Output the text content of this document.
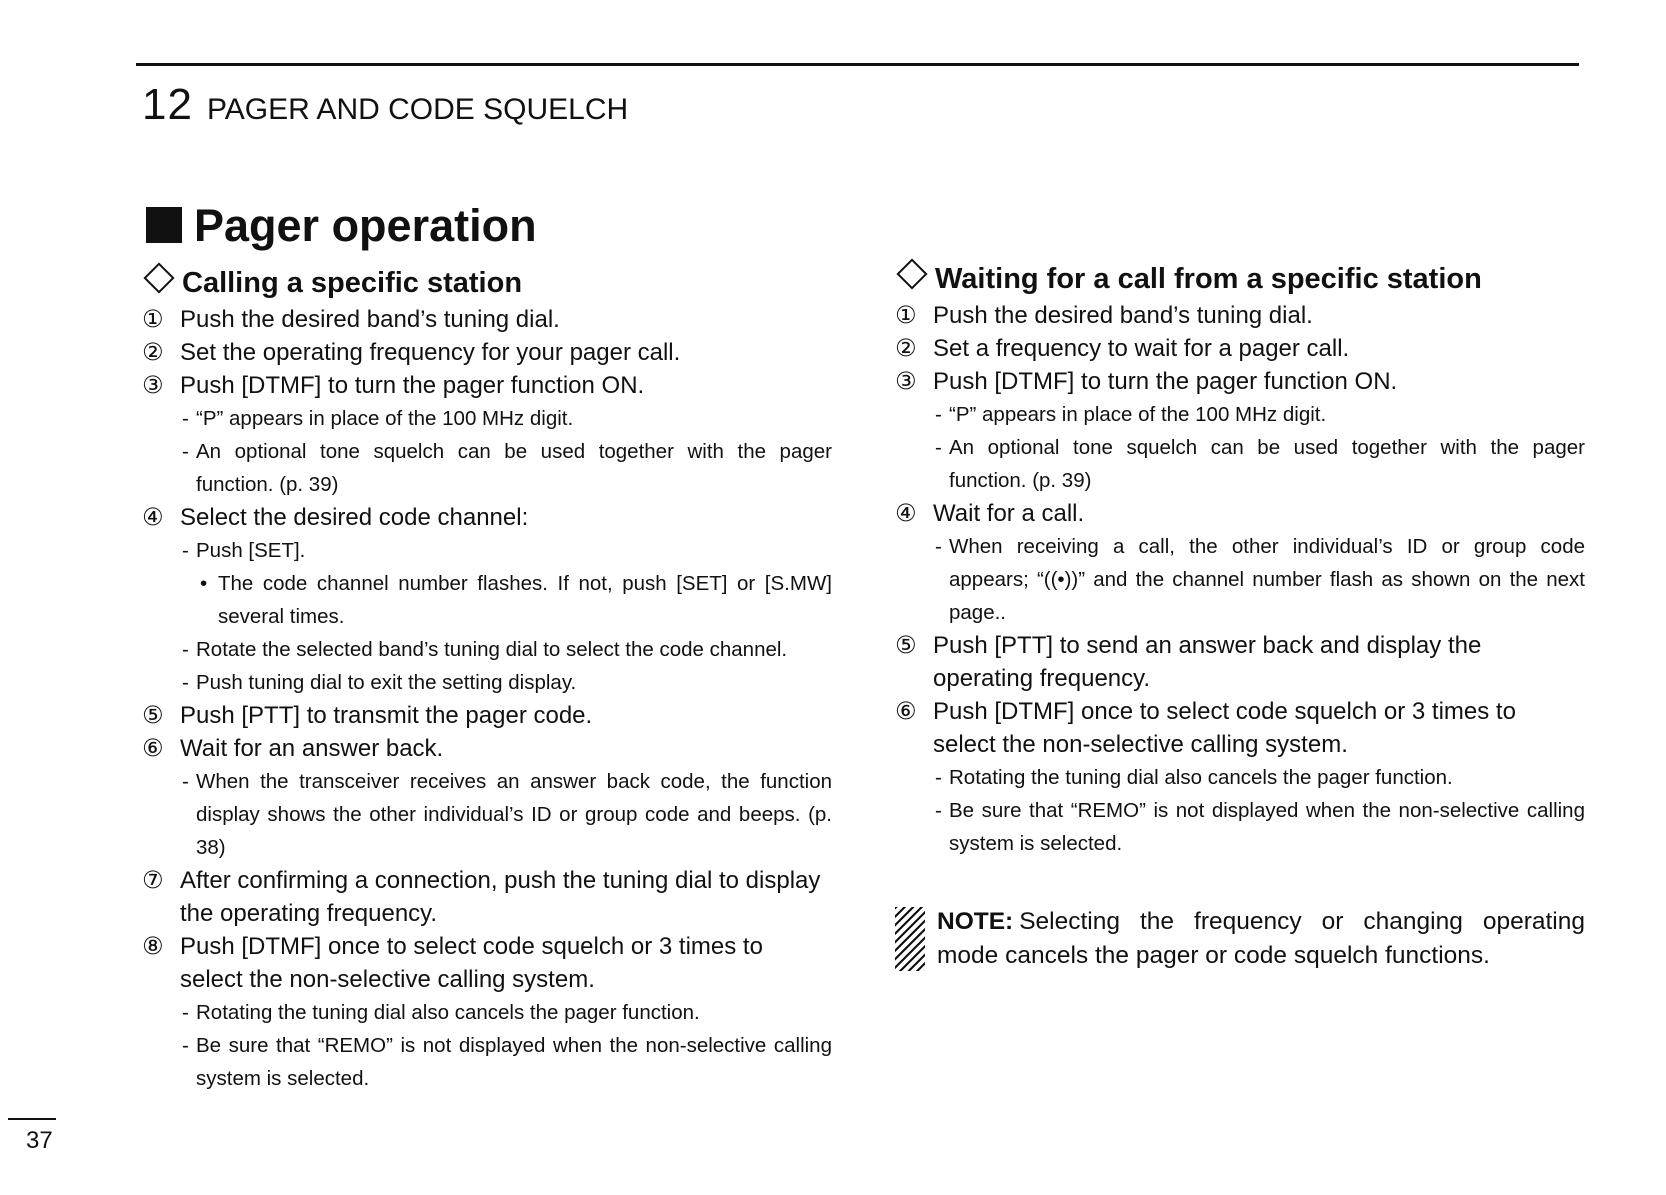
12 PAGER AND CODE SQUELCH
Pager operation
Calling a specific station
① Push the desired band’s tuning dial.
② Set the operating frequency for your pager call.
③ Push [DTMF] to turn the pager function ON.
- “P” appears in place of the 100 MHz digit.
- An optional tone squelch can be used together with the pager function. (p. 39)
④ Select the desired code channel:
- Push [SET].
• The code channel number flashes. If not, push [SET] or [S.MW] several times.
- Rotate the selected band’s tuning dial to select the code channel.
- Push tuning dial to exit the setting display.
⑤ Push [PTT] to transmit the pager code.
⑥ Wait for an answer back.
- When the transceiver receives an answer back code, the function display shows the other individual’s ID or group code and beeps. (p. 38)
⑦ After confirming a connection, push the tuning dial to display the operating frequency.
⑧ Push [DTMF] once to select code squelch or 3 times to select the non-selective calling system.
- Rotating the tuning dial also cancels the pager function.
- Be sure that “REMO” is not displayed when the non-selective calling system is selected.
Waiting for a call from a specific station
① Push the desired band’s tuning dial.
② Set a frequency to wait for a pager call.
③ Push [DTMF] to turn the pager function ON.
- “P” appears in place of the 100 MHz digit.
- An optional tone squelch can be used together with the pager function. (p. 39)
④ Wait for a call.
- When receiving a call, the other individual’s ID or group code appears; “((•))” and the channel number flash as shown on the next page..
⑤ Push [PTT] to send an answer back and display the operating frequency.
⑥ Push [DTMF] once to select code squelch or 3 times to select the non-selective calling system.
- Rotating the tuning dial also cancels the pager function.
- Be sure that “REMO” is not displayed when the non-selective calling system is selected.
NOTE: Selecting the frequency or changing operating mode cancels the pager or code squelch functions.
37
